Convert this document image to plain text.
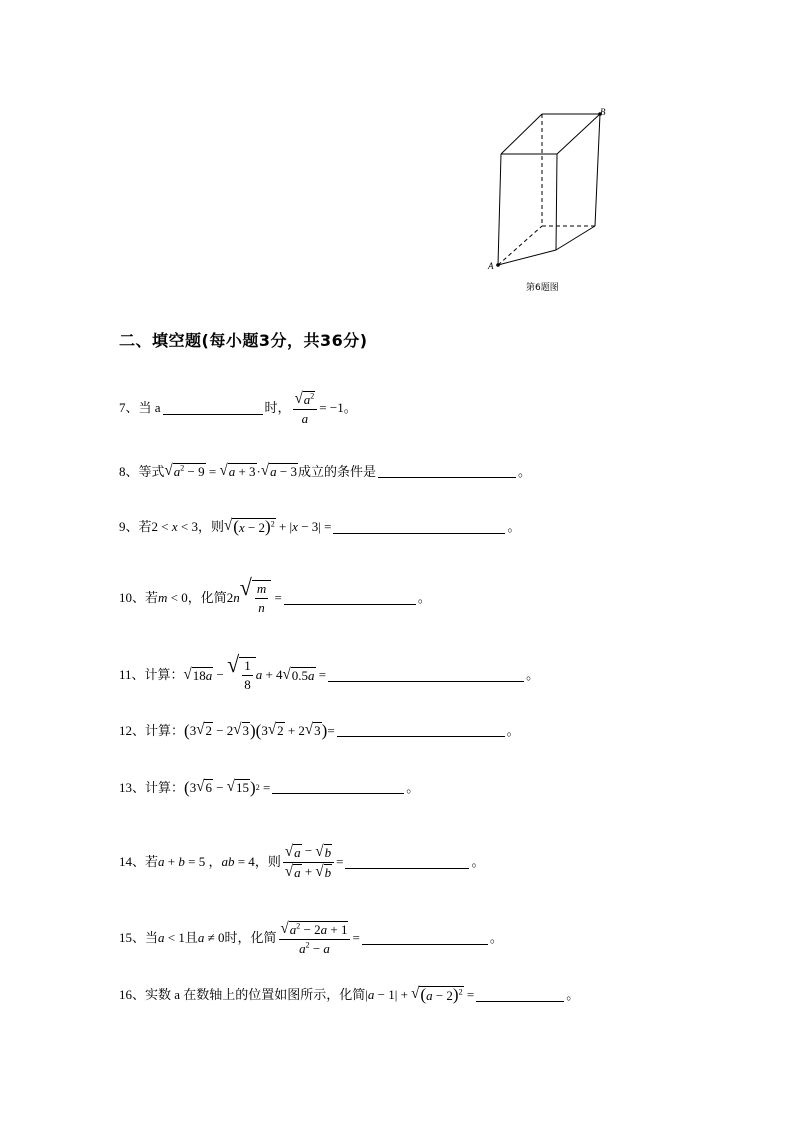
B
A
第6题图
二、填空题(每小题3分，共36分)
7、 当 a	时， $\frac{√ a^2}{a} = -1$。
8、 等式 √ $a^2 - 9$ = √ a + 3 · √ a − 3 成立的条件是	。
9、 若 2 < x < 3 ，则 √ $(x - 2)^2 + |x - 3|$ =	。
10、 若 m < 0 ，化简 2n √ $\frac{m}{n}$ =	。
11、 计算： √ 18a − √ $\frac{1}{8}$ a + 4 √ 0.5a =	。
12、 计算： ( 3 √ 2 − 2 √ 3 )( 3 √ 2 + 2 √ 3 ) =	。
13、 计算： ( 3 √ 6 − √ 15 ) 2 =	。
14、 若 a + b = 5 ，ab = 4 ，则 $\frac{√ a - √ b}{√ a + √ b}$ =	。
15、 当 a < 1 且 a ≠ 0 时，化简 $\frac{√ a^2 - 2a + 1}{a^2 - a}$ =	。
16、 实数 a 在数轴上的位置如图所示，化简 |a − 1| + √ $(a - 2)^2$ =	。
